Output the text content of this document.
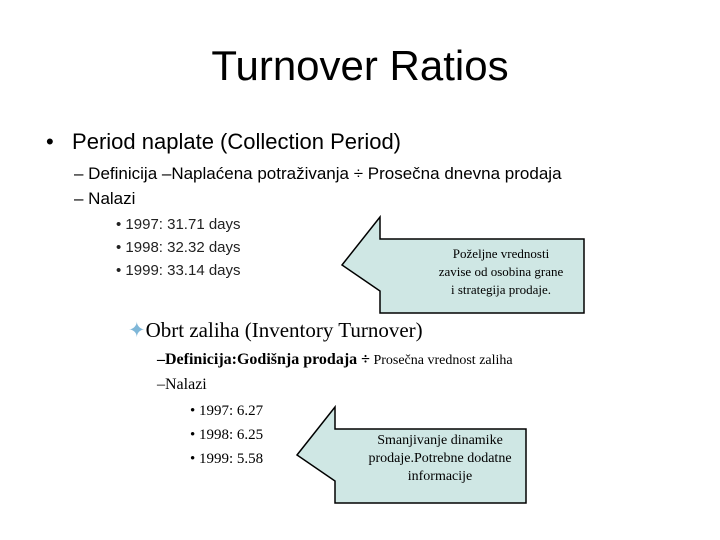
Turnover Ratios
• Period naplate (Collection Period)
– Definicija –Naplaćena potraživanja ÷ Prosečna dnevna prodaja
– Nalazi
• 1997: 31.71 days
• 1998: 32.32 days
• 1999: 33.14 days
Poželjne vrednosti
zavise od osobina grane
i strategija prodaje.
✦Obrt zaliha (Inventory Turnover)
–Definicija:Godišnja prodaja ÷ Prosečna vrednost zaliha
–Nalazi
• 1997: 6.27
• 1998: 6.25
• 1999: 5.58
Smanjivanje dinamike
prodaje.Potrebne dodatne
informacije
